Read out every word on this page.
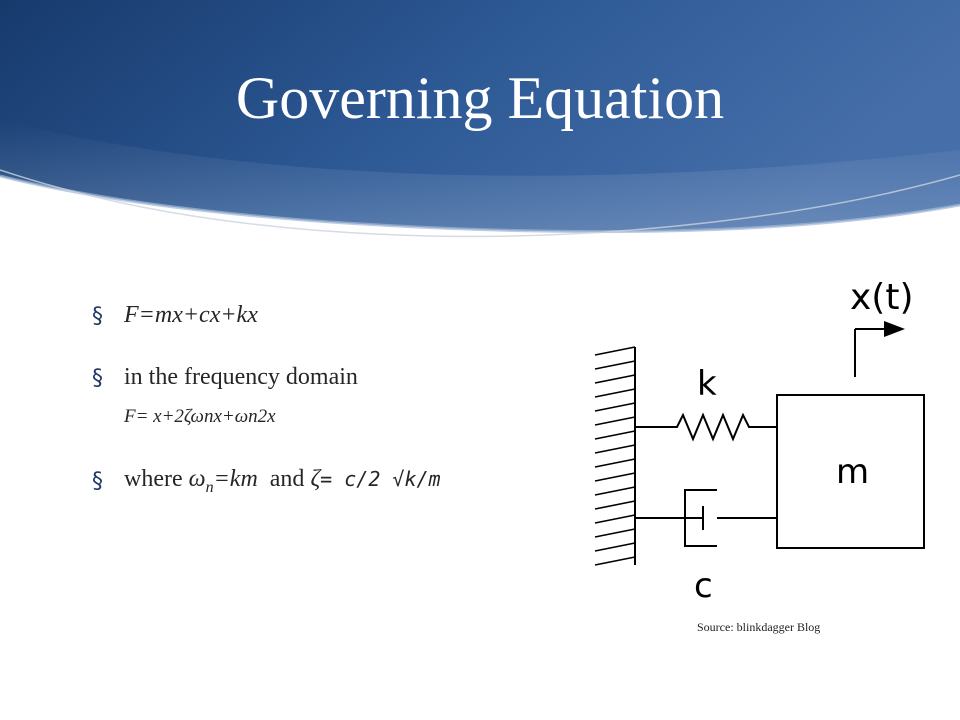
Governing Equation
§ F=mx+cx+kx
§ in the frequency domain
F= x+2ζωnx+ωn2x
§ where $\omega_n=km$  and ζ= c/2 √k/m
x(t)
k
m
c
Source: blinkdagger Blog
